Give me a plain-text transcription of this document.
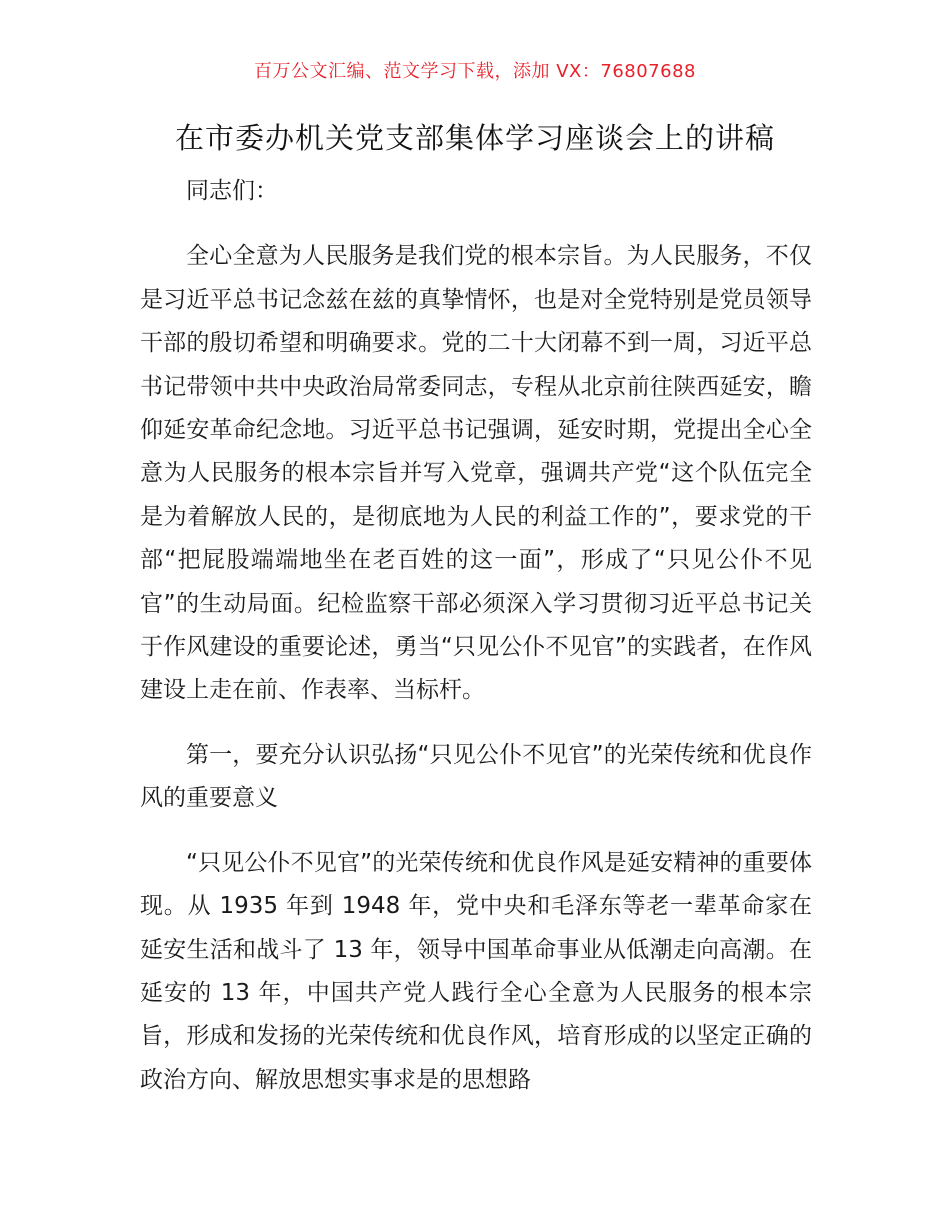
百万公文汇编、范文学习下载，添加 VX：76807688
在市委办机关党支部集体学习座谈会上的讲稿

同志们：

全心全意为人民服务是我们党的根本宗旨。为人民服务，不仅是习近平总书记念兹在兹的真挚情怀，也是对全党特别是党员领导干部的殷切希望和明确要求。党的二十大闭幕不到一周，习近平总书记带领中共中央政治局常委同志，专程从北京前往陕西延安，瞻仰延安革命纪念地。习近平总书记强调，延安时期，党提出全心全意为人民服务的根本宗旨并写入党章，强调共产党“这个队伍完全是为着解放人民的，是彻底地为人民的利益工作的”，要求党的干部“把屁股端端地坐在老百姓的这一面”，形成了“只见公仆不见官”的生动局面。纪检监察干部必须深入学习贯彻习近平总书记关于作风建设的重要论述，勇当“只见公仆不见官”的实践者，在作风建设上走在前、作表率、当标杆。

第一，要充分认识弘扬“只见公仆不见官”的光荣传统和优良作风的重要意义

“只见公仆不见官”的光荣传统和优良作风是延安精神的重要体现。从 1935 年到 1948 年，党中央和毛泽东等老一辈革命家在延安生活和战斗了 13 年，领导中国革命事业从低潮走向高潮。在延安的 13 年，中国共产党人践行全心全意为人民服务的根本宗旨，形成和发扬的光荣传统和优良作风，培育形成的以坚定正确的政治方向、解放思想实事求是的思想路
